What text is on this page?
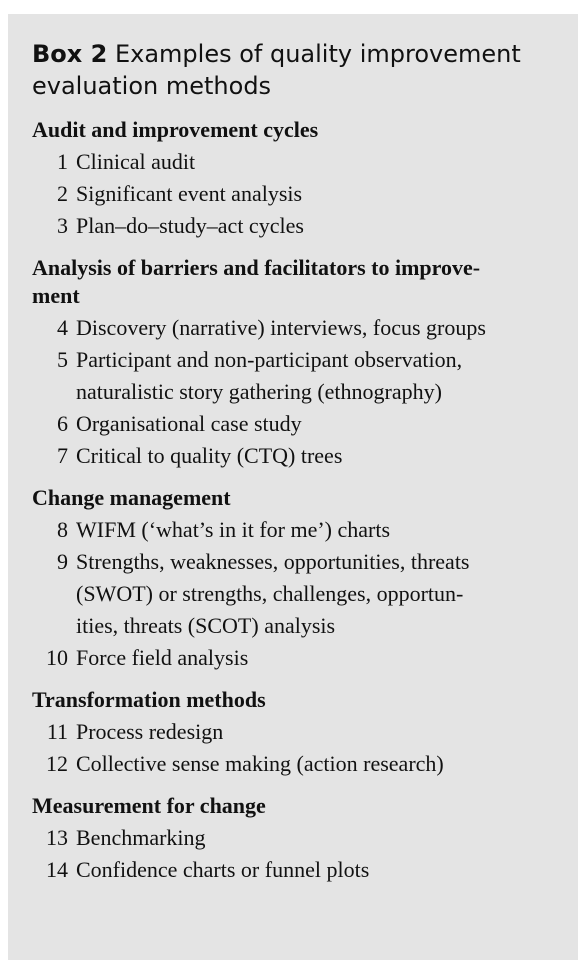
Box 2 Examples of quality improvement
evaluation methods
Audit and improvement cycles
1 Clinical audit
2 Significant event analysis
3 Plan–do–study–act cycles
Analysis of barriers and facilitators to improve-
ment
4 Discovery (narrative) interviews, focus groups
5 Participant and non-participant observation,
naturalistic story gathering (ethnography)
6 Organisational case study
7 Critical to quality (CTQ) trees
Change management
8 WIFM (‘what’s in it for me’) charts
9 Strengths, weaknesses, opportunities, threats
(SWOT) or strengths, challenges, opportun-
ities, threats (SCOT) analysis
10 Force field analysis
Transformation methods
11 Process redesign
12 Collective sense making (action research)
Measurement for change
13 Benchmarking
14 Confidence charts or funnel plots
